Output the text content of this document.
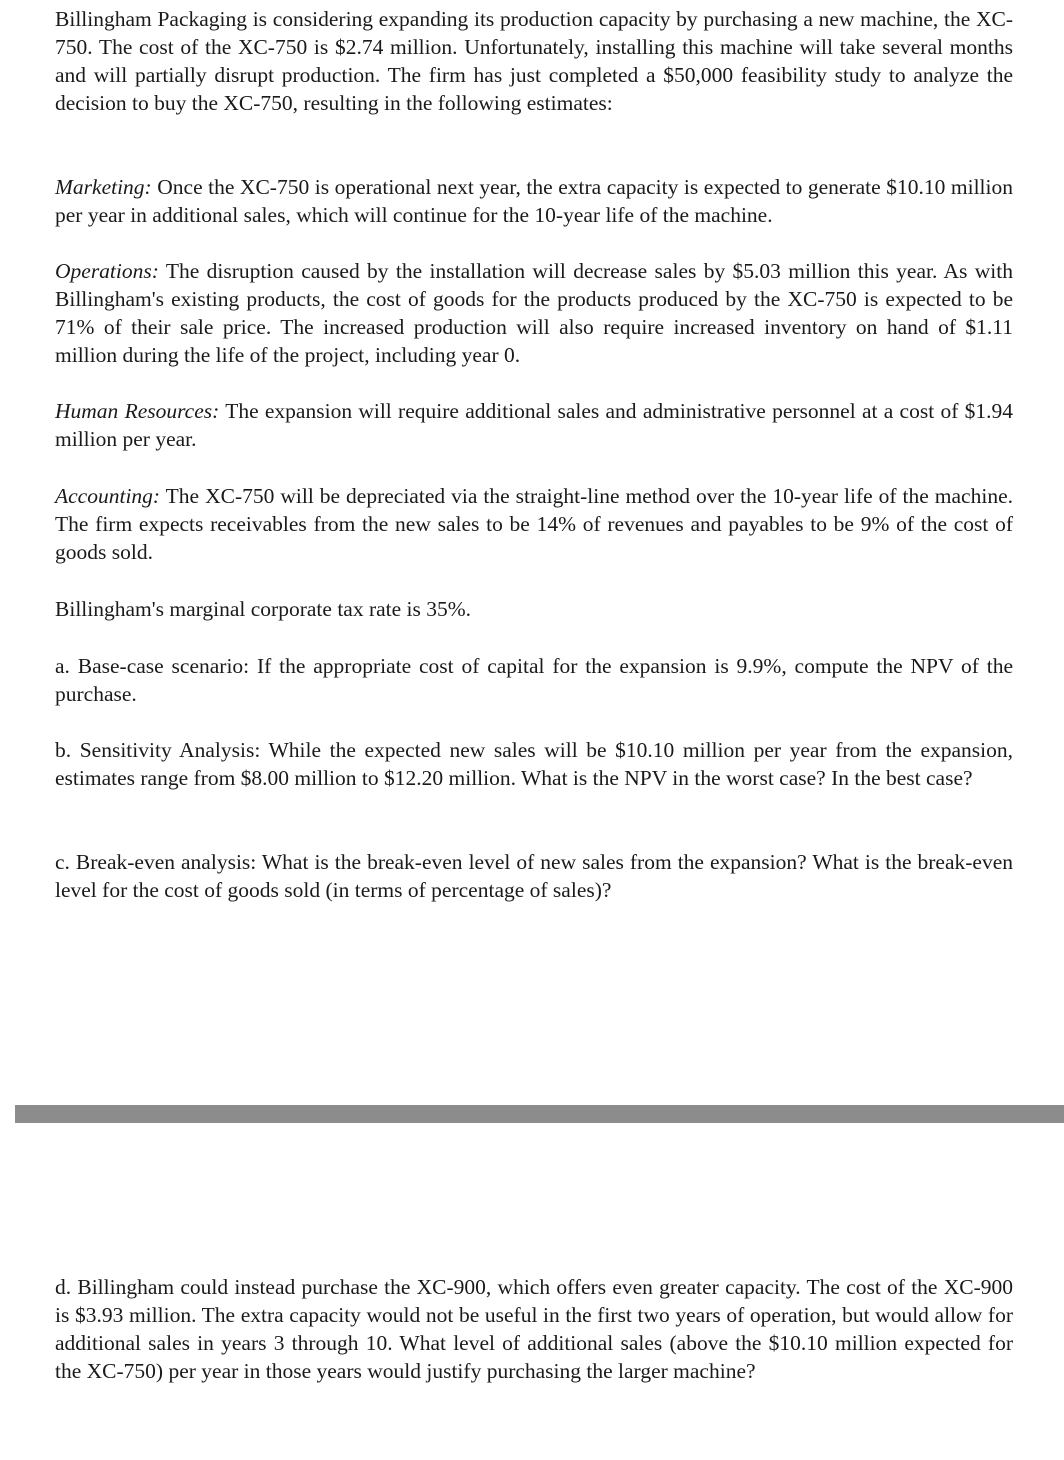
Billingham Packaging is considering expanding its production capacity by purchasing a new machine, the XC-750. The cost of the XC-750 is $2.74 million. Unfortunately, installing this machine will take several months and will partially disrupt production. The firm has just completed a $50,000 feasibility study to analyze the decision to buy the XC-750, resulting in the following estimates:

Marketing: Once the XC-750 is operational next year, the extra capacity is expected to generate $10.10 million per year in additional sales, which will continue for the 10-year life of the machine.

Operations: The disruption caused by the installation will decrease sales by $5.03 million this year. As with Billingham's existing products, the cost of goods for the products produced by the XC-750 is expected to be 71% of their sale price. The increased production will also require increased inventory on hand of $1.11 million during the life of the project, including year 0.

Human Resources: The expansion will require additional sales and administrative personnel at a cost of $1.94 million per year.

Accounting: The XC-750 will be depreciated via the straight-line method over the 10-year life of the machine. The firm expects receivables from the new sales to be 14% of revenues and payables to be 9% of the cost of goods sold.

Billingham's marginal corporate tax rate is 35%.

a. Base-case scenario: If the appropriate cost of capital for the expansion is 9.9%, compute the NPV of the purchase.

b. Sensitivity Analysis: While the expected new sales will be $10.10 million per year from the expansion, estimates range from $8.00 million to $12.20 million. What is the NPV in the worst case? In the best case?

c. Break-even analysis: What is the break-even level of new sales from the expansion? What is the break-even level for the cost of goods sold (in terms of percentage of sales)?

d. Billingham could instead purchase the XC-900, which offers even greater capacity. The cost of the XC-900 is $3.93 million. The extra capacity would not be useful in the first two years of operation, but would allow for additional sales in years 3 through 10. What level of additional sales (above the $10.10 million expected for the XC-750) per year in those years would justify purchasing the larger machine?
